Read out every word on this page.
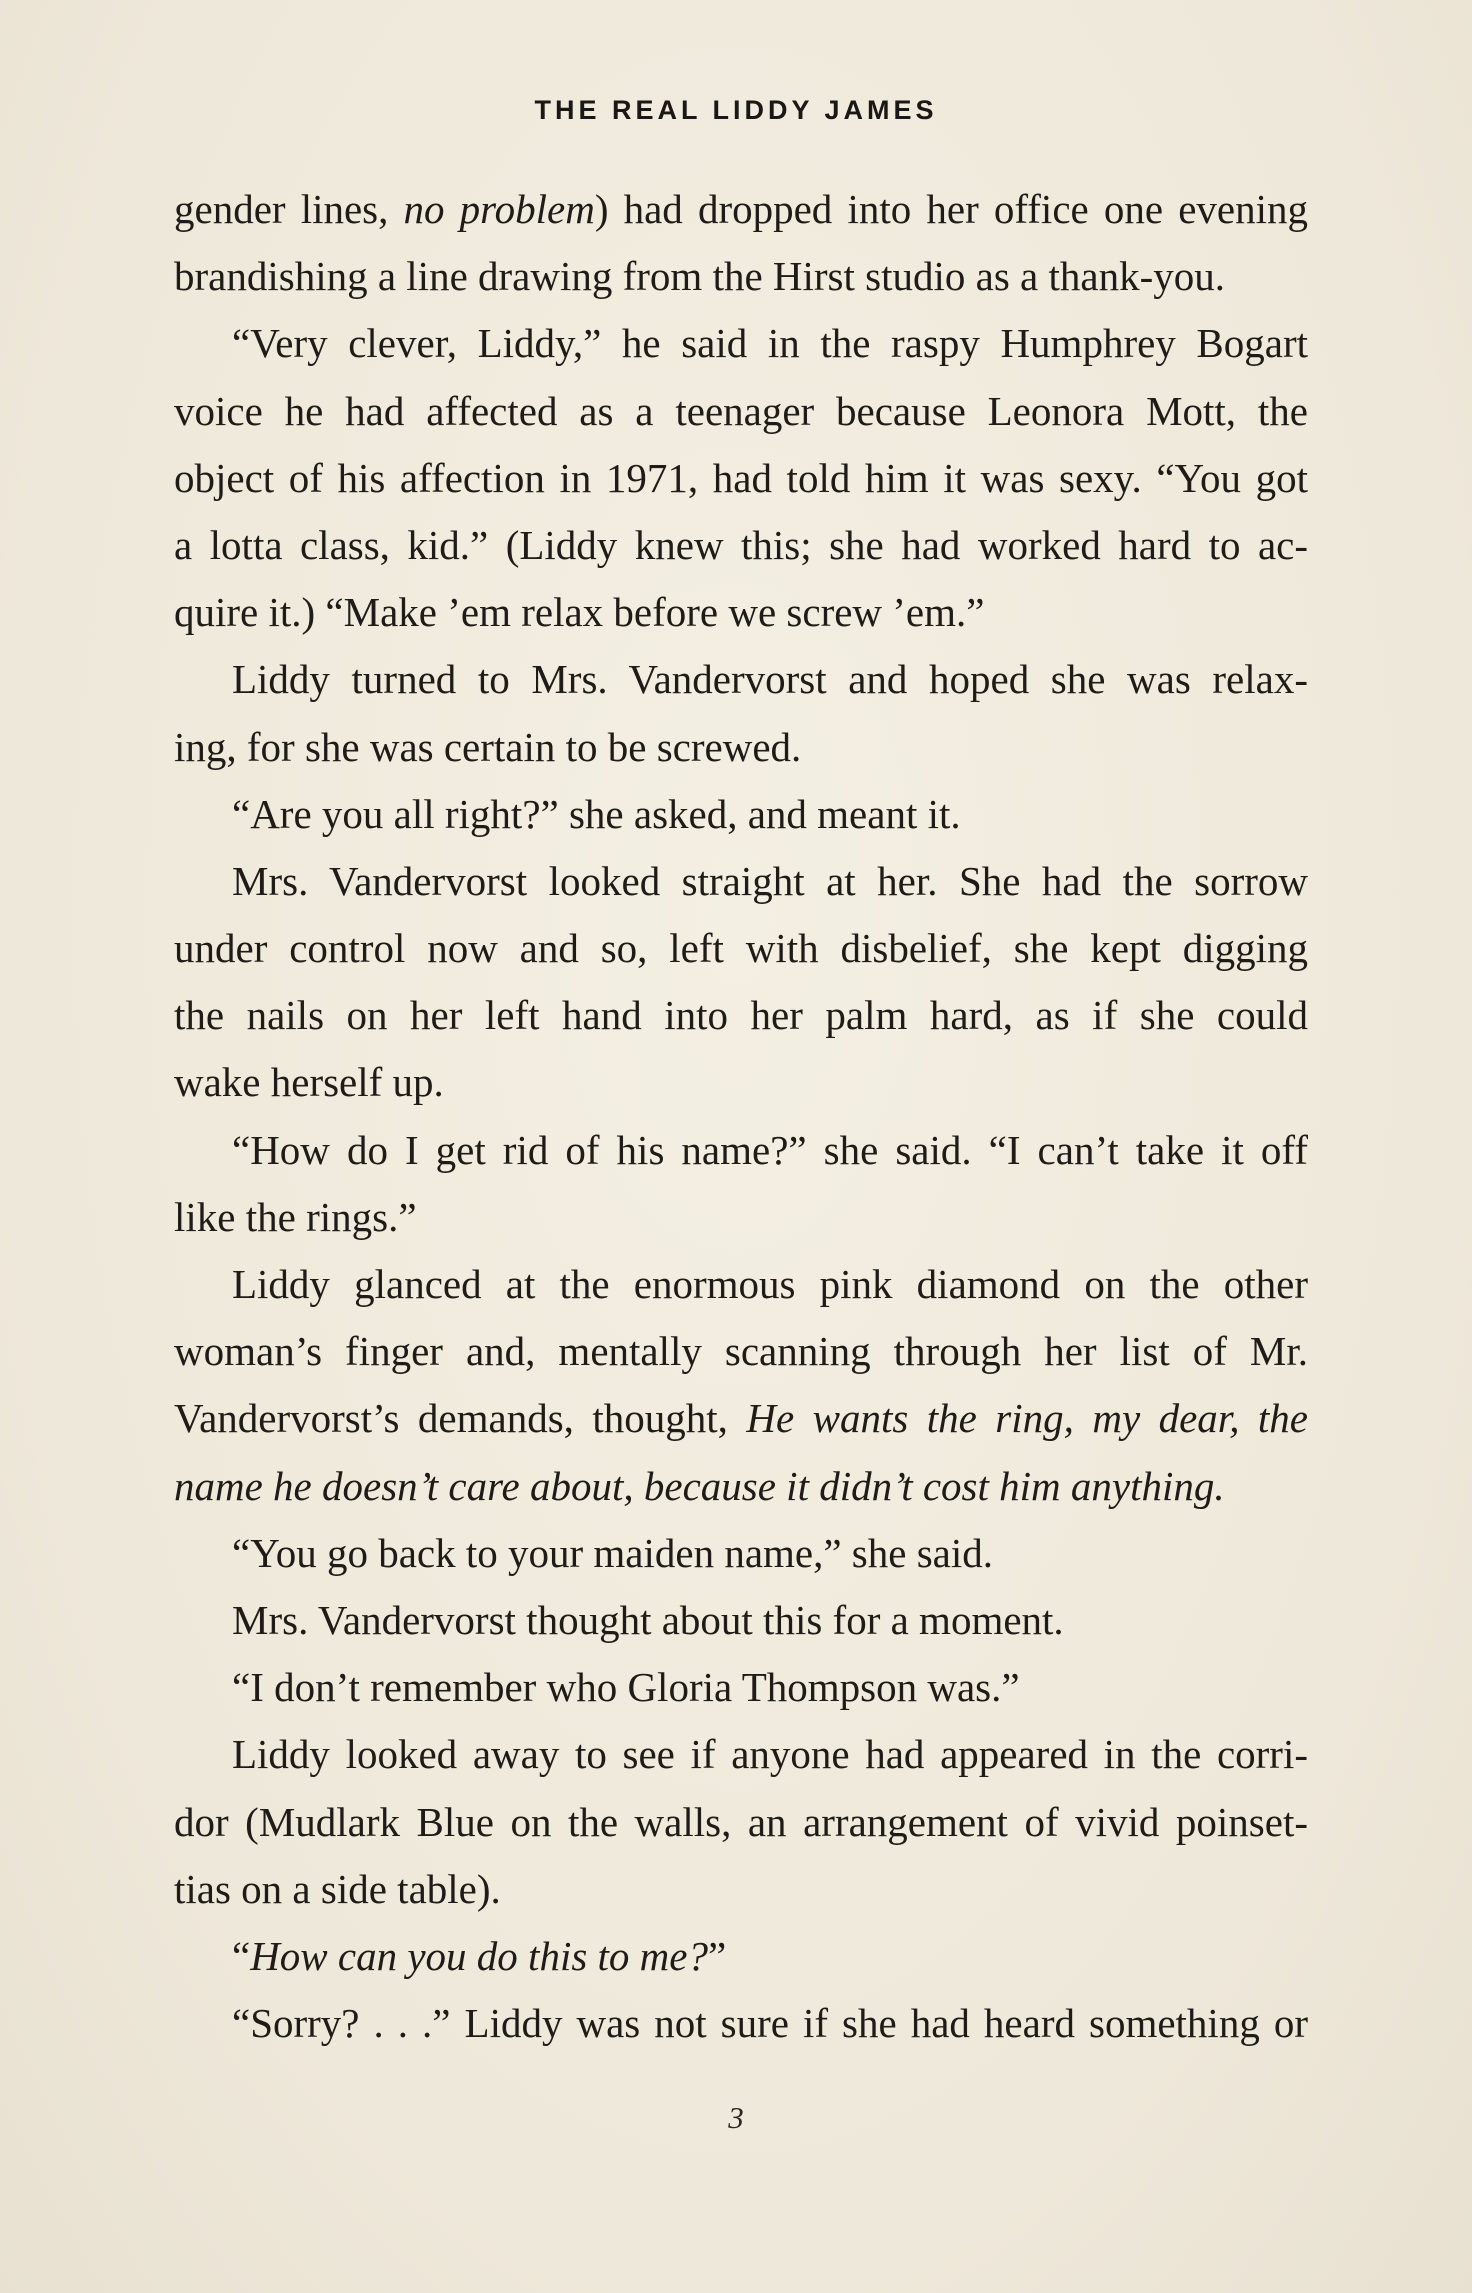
THE REAL LIDDY JAMES
gender lines, no problem) had dropped into her office one evening
brandishing a line drawing from the Hirst studio as a thank-you.
“Very clever, Liddy,” he said in the raspy Humphrey Bogart
voice he had affected as a teenager because Leonora Mott, the
object of his affection in 1971, had told him it was sexy. “You got
a lotta class, kid.” (Liddy knew this; she had worked hard to ac-
quire it.) “Make ’em relax before we screw ’em.”
Liddy turned to Mrs. Vandervorst and hoped she was relax-
ing, for she was certain to be screwed.
“Are you all right?” she asked, and meant it.
Mrs. Vandervorst looked straight at her. She had the sorrow
under control now and so, left with disbelief, she kept digging
the nails on her left hand into her palm hard, as if she could
wake herself up.
“How do I get rid of his name?” she said. “I can’t take it off
like the rings.”
Liddy glanced at the enormous pink diamond on the other
woman’s finger and, mentally scanning through her list of Mr.
Vandervorst’s demands, thought, He wants the ring, my dear, the
name he doesn’t care about, because it didn’t cost him anything.
“You go back to your maiden name,” she said.
Mrs. Vandervorst thought about this for a moment.
“I don’t remember who Gloria Thompson was.”
Liddy looked away to see if anyone had appeared in the corri-
dor (Mudlark Blue on the walls, an arrangement of vivid poinset-
tias on a side table).
“How can you do this to me?”
“Sorry? . . .” Liddy was not sure if she had heard something or
3
